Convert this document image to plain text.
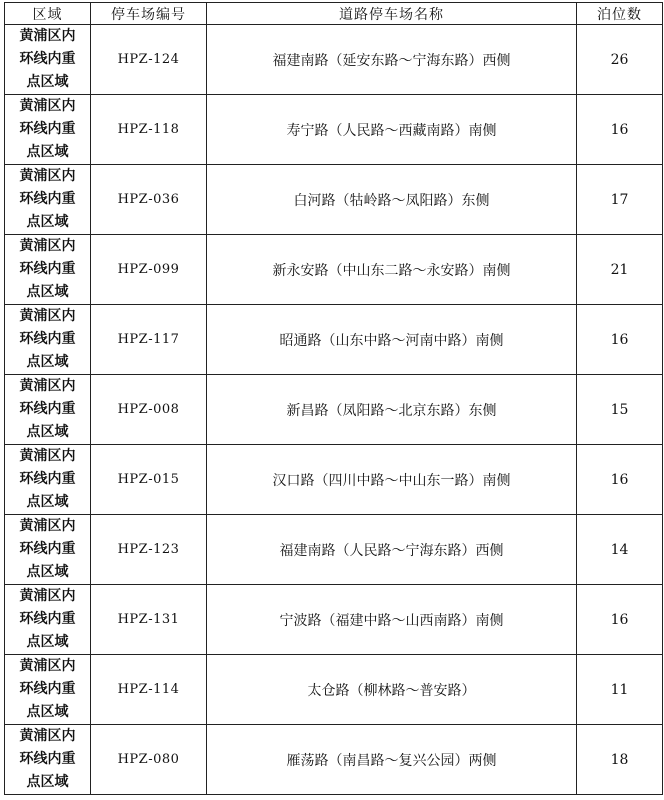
区域	停车场编号	道路停车场名称	泊位数

黄浦区内
环线内重
点区域	HPZ-124	福建南路（延安东路～宁海东路）西侧	26

黄浦区内
环线内重
点区域	HPZ-118	寿宁路（人民路～西藏南路）南侧	16

黄浦区内
环线内重
点区域	HPZ-036	白河路（牯岭路～凤阳路）东侧	17

黄浦区内
环线内重
点区域	HPZ-099	新永安路（中山东二路～永安路）南侧	21

黄浦区内
环线内重
点区域	HPZ-117	昭通路（山东中路～河南中路）南侧	16

黄浦区内
环线内重
点区域	HPZ-008	新昌路（凤阳路～北京东路）东侧	15

黄浦区内
环线内重
点区域	HPZ-015	汉口路（四川中路～中山东一路）南侧	16

黄浦区内
环线内重
点区域	HPZ-123	福建南路（人民路～宁海东路）西侧	14

黄浦区内
环线内重
点区域	HPZ-131	宁波路（福建中路～山西南路）南侧	16

黄浦区内
环线内重
点区域	HPZ-114	太仓路（柳林路～普安路）	11

黄浦区内
环线内重
点区域	HPZ-080	雁荡路（南昌路～复兴公园）两侧	18
